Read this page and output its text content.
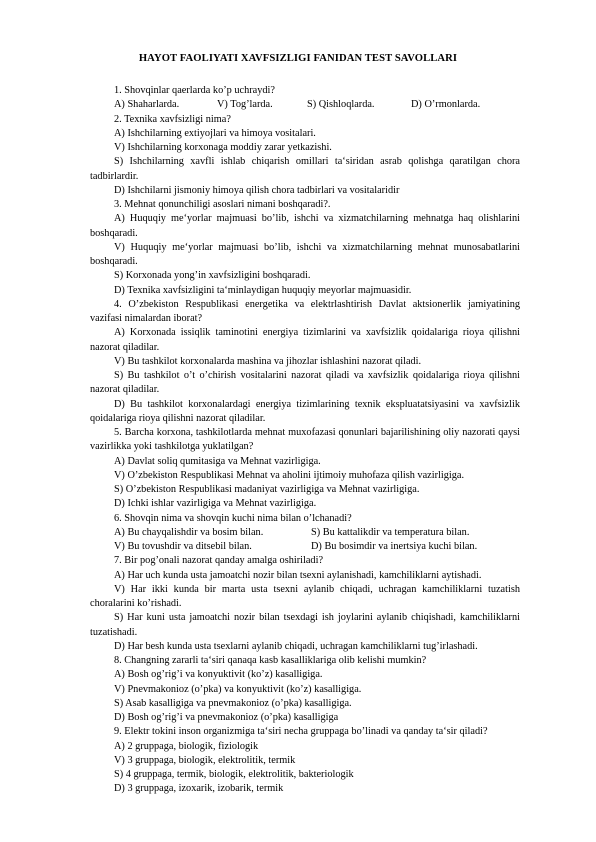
HAYOT FAOLIYATI XAVFSIZLIGI FANIDAN TEST SAVOLLARI
1. Shovqinlar qaerlarda ko’p uchraydi?
A) Shaharlarda.	V) Tog’larda.	S) Qishloqlarda.	D) O’rmonlarda.
2. Texnika xavfsizligi nima?
A) Ishchilarning extiyojlari va himoya vositalari.
V) Ishchilarning korxonaga moddiy zarar yetkazishi.
S) Ishchilarning xavfli ishlab chiqarish omillari ta‘siridan asrab qolishga qaratilgan chora tadbirlardir.
D) Ishchilarni jismoniy himoya qilish chora tadbirlari va vositalaridir
3. Mehnat qonunchiligi asoslari nimani boshqaradi?.
A) Huquqiy me‘yorlar majmuasi bo’lib, ishchi va xizmatchilarning mehnatga haq olishlarini boshqaradi.
V) Huquqiy me‘yorlar majmuasi bo’lib, ishchi va xizmatchilarning mehnat munosabatlarini boshqaradi.
S) Korxonada yong’in xavfsizligini boshqaradi.
D) Texnika xavfsizligini ta‘minlaydigan huquqiy meyorlar majmuasidir.
4. O’zbekiston Respublikasi energetika va elektrlashtirish Davlat aktsionerlik jamiyatining vazifasi nimalardan iborat?
A) Korxonada issiqlik taminotini energiya tizimlarini va xavfsizlik qoidalariga rioya qilishni nazorat qiladilar.
V) Bu tashkilot korxonalarda mashina va jihozlar ishlashini nazorat qiladi.
S) Bu tashkilot o’t o’chirish vositalarini nazorat qiladi va xavfsizlik qoidalariga rioya qilishni nazorat qiladilar.
D) Bu tashkilot korxonalardagi energiya tizimlarining texnik ekspluatatsiyasini va xavfsizlik qoidalariga rioya qilishni nazorat qiladilar.
5. Barcha korxona, tashkilotlarda mehnat muxofazasi qonunlari bajarilishining oliy nazorati qaysi vazirlikka yoki tashkilotga yuklatilgan?
A) Davlat soliq qumitasiga va Mehnat vazirligiga.
V) O’zbekiston Respublikasi Mehnat va aholini ijtimoiy muhofaza qilish vazirligiga.
S) O’zbekiston Respublikasi madaniyat vazirligiga va Mehnat vazirligiga.
D) Ichki ishlar vazirligiga va Mehnat vazirligiga.
6. Shovqin nima va shovqin kuchi nima bilan o’lchanadi?
A) Bu chayqalishdir va bosim bilan.	S) Bu kattalikdir va temperatura bilan.
V) Bu tovushdir va ditsebil bilan.	D) Bu bosimdir va inertsiya kuchi bilan.
7. Bir pog’onali nazorat qanday amalga oshiriladi?
A) Har uch kunda usta jamoatchi nozir bilan tsexni aylanishadi, kamchiliklarni aytishadi.
V) Har ikki kunda bir marta usta tsexni aylanib chiqadi, uchragan kamchiliklarni tuzatish choralarini ko’rishadi.
S) Har kuni usta jamoatchi nozir bilan tsexdagi ish joylarini aylanib chiqishadi, kamchiliklarni tuzatishadi.
D) Har besh kunda usta tsexlarni aylanib chiqadi, uchragan kamchiliklarni tug’irlashadi.
8. Changning zararli ta‘siri qanaqa kasb kasalliklariga olib kelishi mumkin?
A) Bosh og’rig’i va konyuktivit (ko’z) kasalligiga.
V) Pnevmakonioz (o’pka) va konyuktivit (ko’z) kasalligiga.
S) Asab kasalligiga va pnevmakonioz (o’pka) kasalligiga.
D) Bosh og’rig’i va pnevmakonioz (o’pka) kasalligiga
9. Elektr tokini inson organizmiga ta‘siri necha gruppaga bo’linadi va qanday ta‘sir qiladi?
A) 2 gruppaga, biologik, fiziologik
V) 3 gruppaga, biologik, elektrolitik, termik
S) 4 gruppaga, termik, biologik, elektrolitik, bakteriologik
D) 3 gruppaga, izoxarik, izobarik, termik
